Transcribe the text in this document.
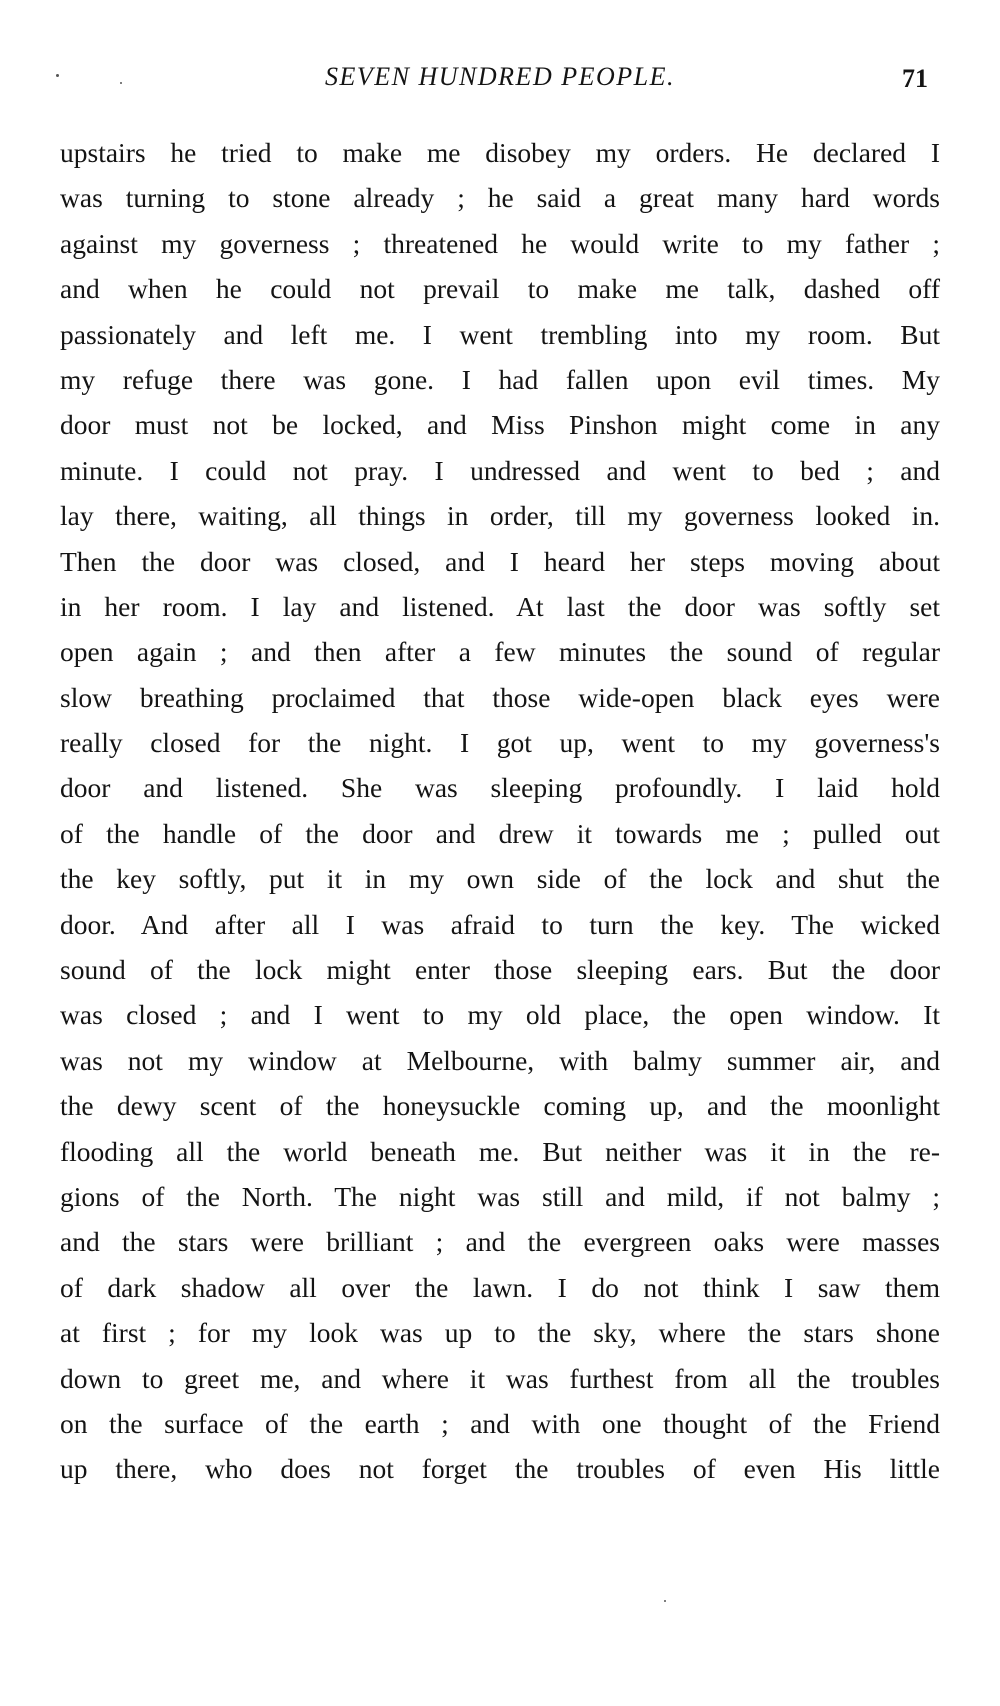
SEVEN HUNDRED PEOPLE.	71
upstairs he tried to make me disobey my orders. He declared I
was turning to stone already ; he said a great many hard words
against my governess ; threatened he would write to my father ;
and when he could not prevail to make me talk, dashed off
passionately and left me. I went trembling into my room. But
my refuge there was gone. I had fallen upon evil times. My
door must not be locked, and Miss Pinshon might come in any
minute. I could not pray. I undressed and went to bed ; and
lay there, waiting, all things in order, till my governess looked in.
Then the door was closed, and I heard her steps moving about
in her room. I lay and listened. At last the door was softly set
open again ; and then after a few minutes the sound of regular
slow breathing proclaimed that those wide-open black eyes were
really closed for the night. I got up, went to my governess's
door and listened. She was sleeping profoundly. I laid hold
of the handle of the door and drew it towards me ; pulled out
the key softly, put it in my own side of the lock and shut the
door. And after all I was afraid to turn the key. The wicked
sound of the lock might enter those sleeping ears. But the door
was closed ; and I went to my old place, the open window. It
was not my window at Melbourne, with balmy summer air, and
the dewy scent of the honeysuckle coming up, and the moonlight
flooding all the world beneath me. But neither was it in the re-
gions of the North. The night was still and mild, if not balmy ;
and the stars were brilliant ; and the evergreen oaks were masses
of dark shadow all over the lawn. I do not think I saw them
at first ; for my look was up to the sky, where the stars shone
down to greet me, and where it was furthest from all the troubles
on the surface of the earth ; and with one thought of the Friend
up there, who does not forget the troubles of even His little
